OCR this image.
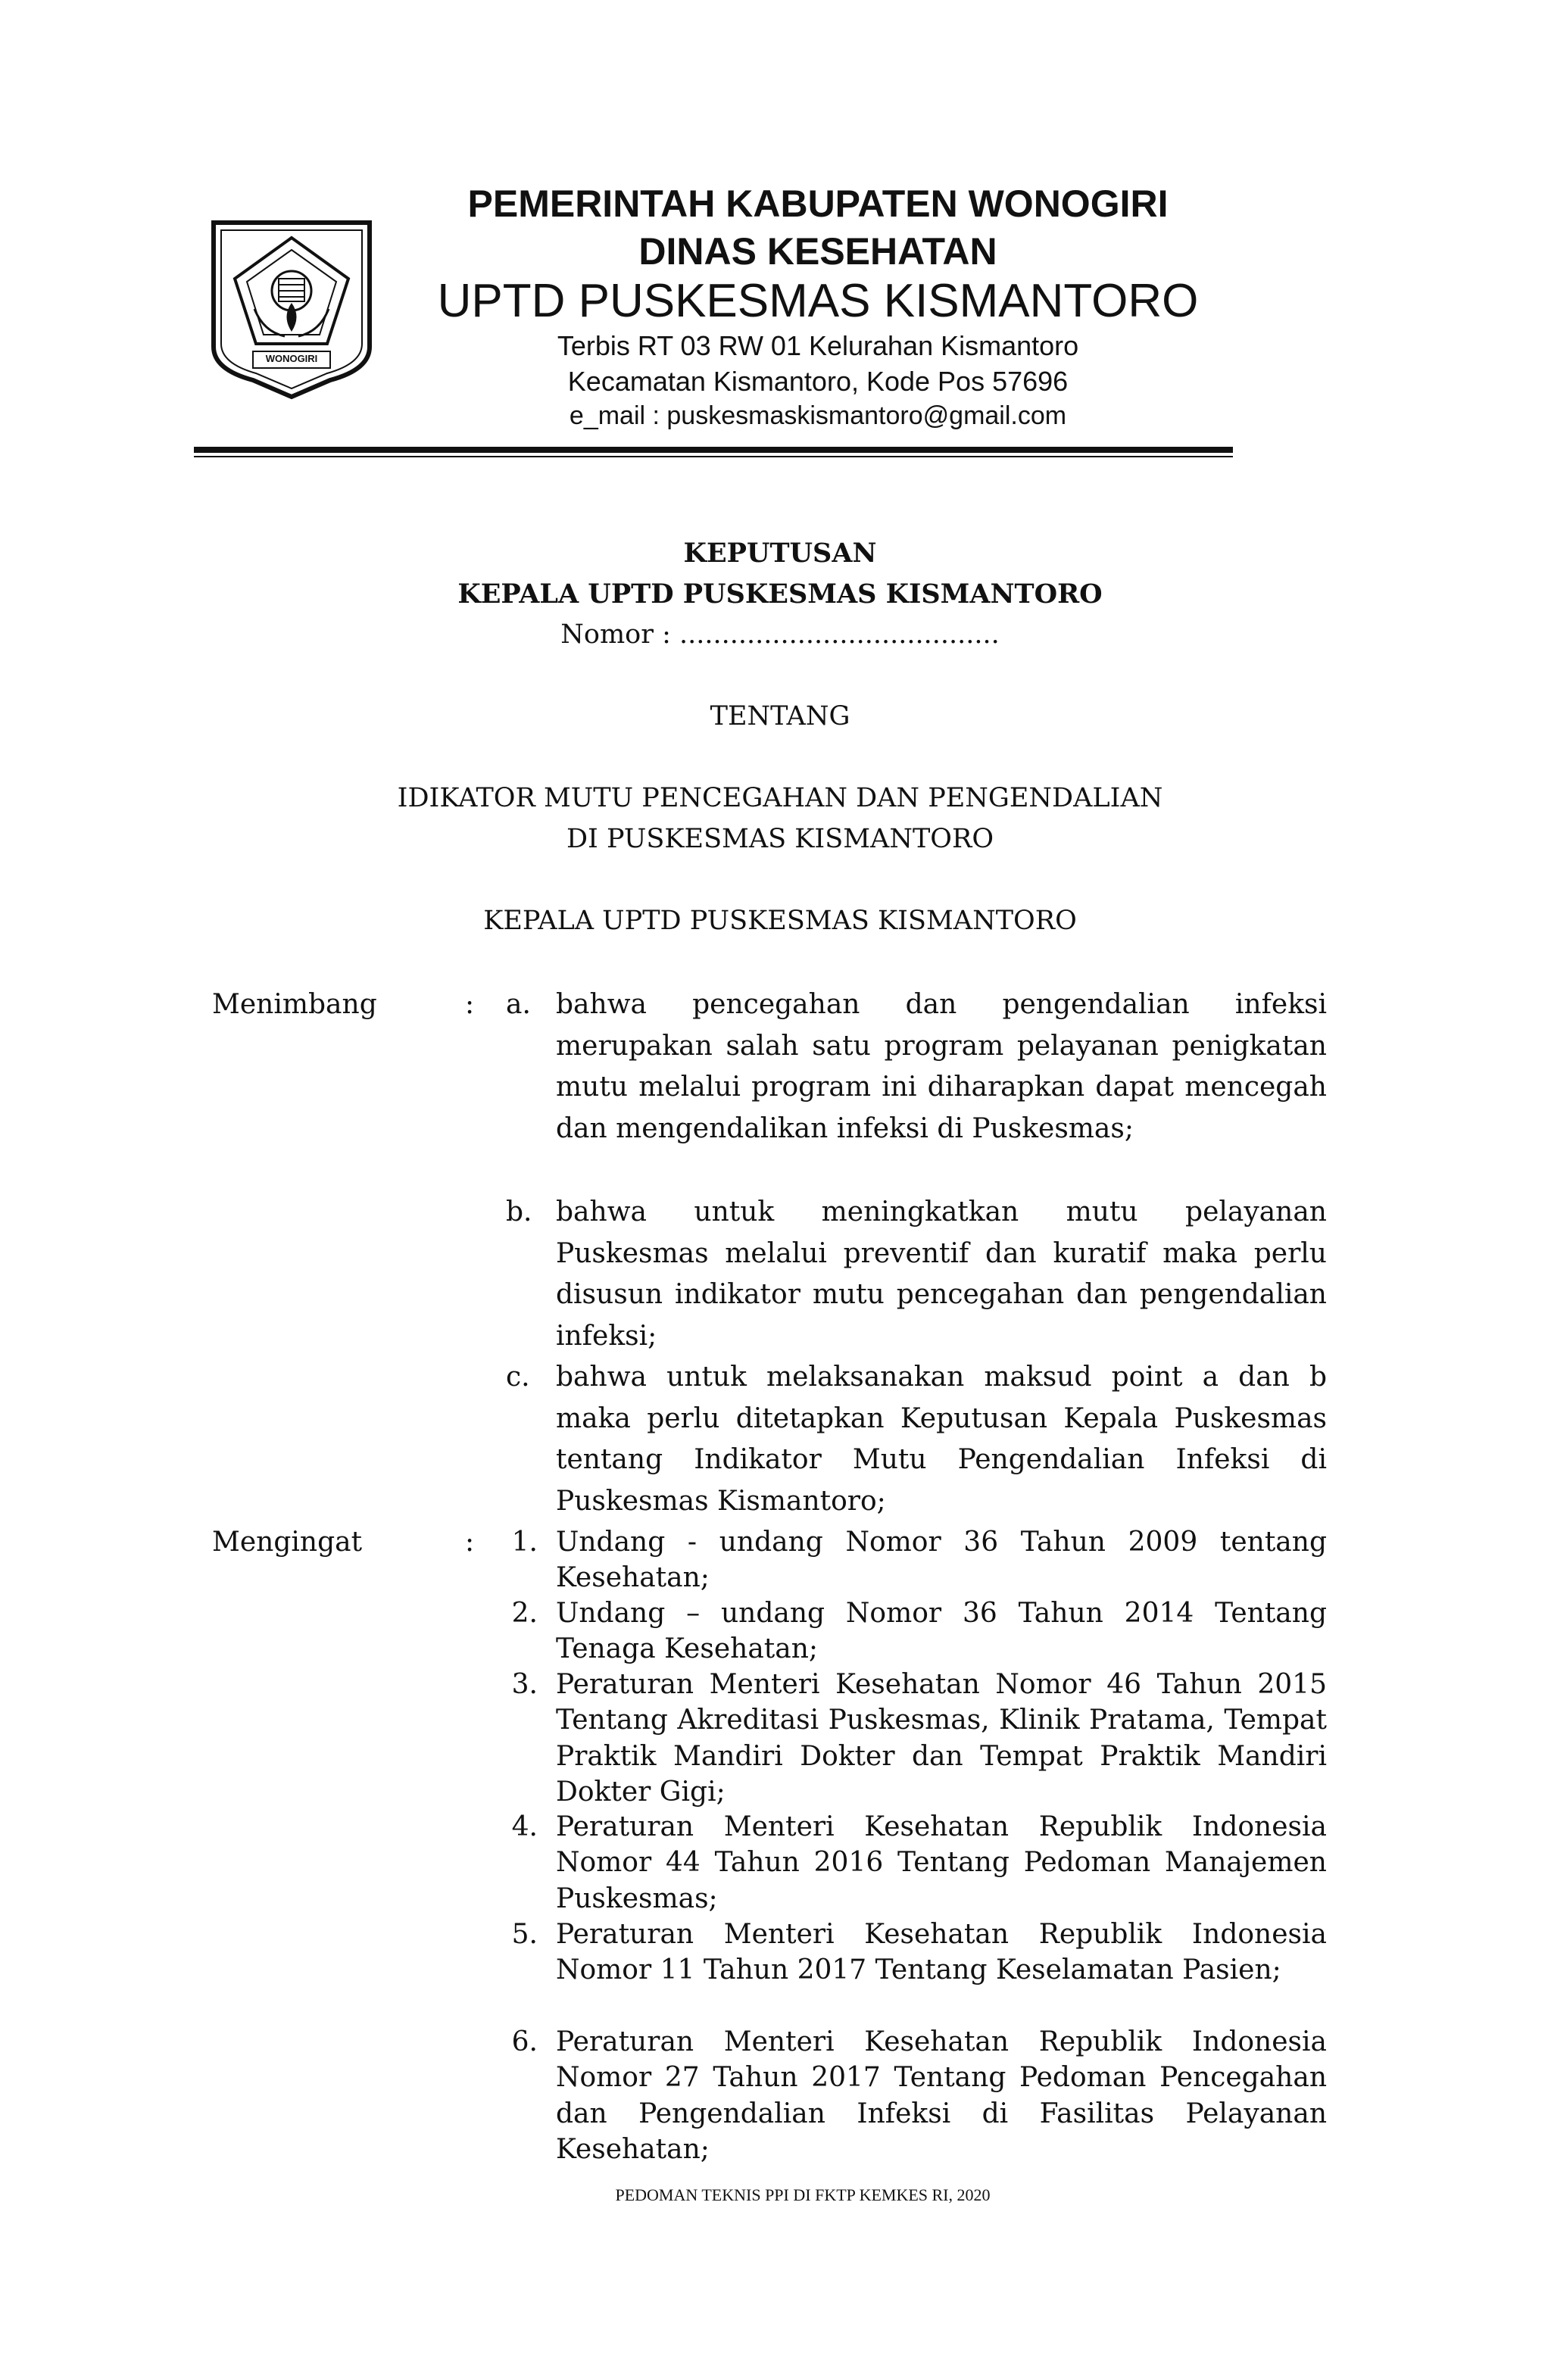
WONOGIRI
PEMERINTAH KABUPATEN WONOGIRI
DINAS KESEHATAN
UPTD PUSKESMAS KISMANTORO
Terbis RT 03 RW 01 Kelurahan Kismantoro
Kecamatan Kismantoro, Kode Pos 57696
e_mail : puskesmaskismantoro@gmail.com
KEPUTUSAN
KEPALA UPTD PUSKESMAS KISMANTORO
Nomor : ......................................
TENTANG
IDIKATOR MUTU PENCEGAHAN DAN PENGENDALIAN
DI PUSKESMAS KISMANTORO
KEPALA UPTD PUSKESMAS KISMANTORO
Menimbang	: a. bahwa pencegahan dan pengendalian infeksi merupakan salah satu program pelayanan penigkatan mutu melalui program ini diharapkan dapat mencegah dan mengendalikan infeksi di Puskesmas;
b. bahwa untuk meningkatkan mutu pelayanan Puskesmas melalui preventif dan kuratif maka perlu disusun indikator mutu pencegahan dan pengendalian infeksi;
c. bahwa untuk melaksanakan maksud point a dan b maka perlu ditetapkan Keputusan Kepala Puskesmas tentang Indikator Mutu Pengendalian Infeksi di Puskesmas Kismantoro;
Mengingat	:	1. Undang - undang Nomor 36 Tahun 2009 tentang Kesehatan;
2. Undang – undang Nomor 36 Tahun 2014 Tentang Tenaga Kesehatan;
3. Peraturan Menteri Kesehatan Nomor 46 Tahun 2015 Tentang Akreditasi Puskesmas, Klinik Pratama, Tempat Praktik Mandiri Dokter dan Tempat Praktik Mandiri Dokter Gigi;
4. Peraturan Menteri Kesehatan Republik Indonesia Nomor 44 Tahun 2016 Tentang Pedoman Manajemen Puskesmas;
5. Peraturan Menteri Kesehatan Republik Indonesia Nomor 11 Tahun 2017 Tentang Keselamatan Pasien;
6. Peraturan Menteri Kesehatan Republik Indonesia Nomor 27 Tahun 2017 Tentang Pedoman Pencegahan dan Pengendalian Infeksi di Fasilitas Pelayanan Kesehatan;
PEDOMAN TEKNIS PPI DI FKTP KEMKES RI, 2020
